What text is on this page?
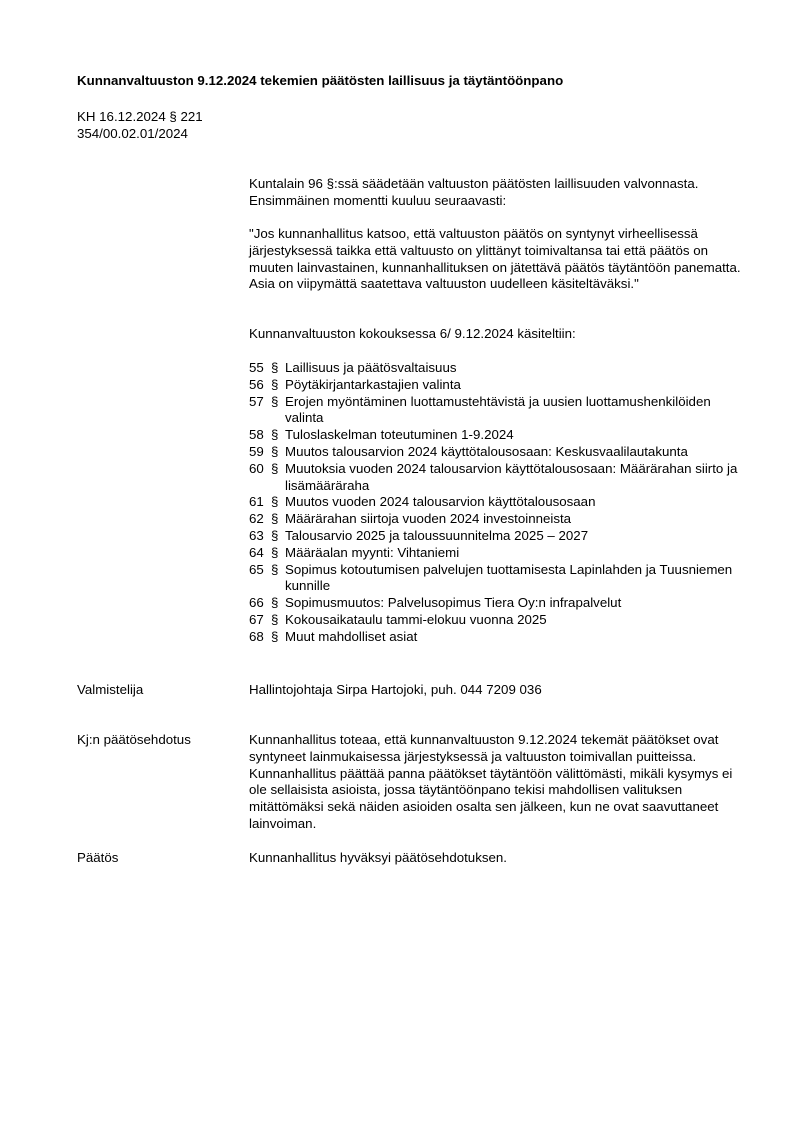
Kunnanvaltuuston 9.12.2024 tekemien päätösten laillisuus ja täytäntöönpano
KH 16.12.2024 § 221
354/00.02.01/2024

Kuntalain 96 §:ssä säädetään valtuuston päätösten laillisuuden valvonnasta. Ensimmäinen momentti kuuluu seuraavasti:

"Jos kunnanhallitus katsoo, että valtuuston päätös on syntynyt virheellisessä järjestyksessä taikka että valtuusto on ylittänyt toimivaltansa tai että päätös on muuten lainvastainen, kunnanhallituksen on jätettävä päätös täytäntöön panematta. Asia on viipymättä saatettava valtuuston uudelleen käsiteltäväksi."

Kunnanvaltuuston kokouksessa 6/ 9.12.2024 käsiteltiin:

55 § Laillisuus ja päätösvaltaisuus
56 § Pöytäkirjantarkastajien valinta
57 § Erojen myöntäminen luottamustehtävistä ja uusien luottamushenkilöiden valinta
58 § Tuloslaskelman toteutuminen 1-9.2024
59 § Muutos talousarvion 2024 käyttötalousosaan: Keskusvaalilautakunta
60 § Muutoksia vuoden 2024 talousarvion käyttötalousosaan: Määrärahan siirto ja lisämääräraha
61 § Muutos vuoden 2024 talousarvion käyttötalousosaan
62 § Määrärahan siirtoja vuoden 2024 investoinneista
63 § Talousarvio 2025 ja taloussuunnitelma 2025 – 2027
64 § Määräalan myynti: Vihtaniemi
65 § Sopimus kotoutumisen palvelujen tuottamisesta Lapinlahden ja Tuusniemen kunnille
66 § Sopimusmuutos: Palvelusopimus Tiera Oy:n infrapalvelut
67 § Kokousaikataulu tammi-elokuu vuonna 2025
68 § Muut mahdolliset asiat
Valmistelija	Hallintojohtaja Sirpa Hartojoki, puh. 044 7209 036

Kj:n päätösehdotus	Kunnanhallitus toteaa, että kunnanvaltuuston 9.12.2024 tekemät päätökset ovat syntyneet lainmukaisessa järjestyksessä ja valtuuston toimivallan puitteissa. Kunnanhallitus päättää panna päätökset täytäntöön välittömästi, mikäli kysymys ei ole sellaisista asioista, jossa täytäntöönpano tekisi mahdollisen valituksen mitättömäksi sekä näiden asioiden osalta sen jälkeen, kun ne ovat saavuttaneet lainvoiman.

Päätös	Kunnanhallitus hyväksyi päätösehdotuksen.
